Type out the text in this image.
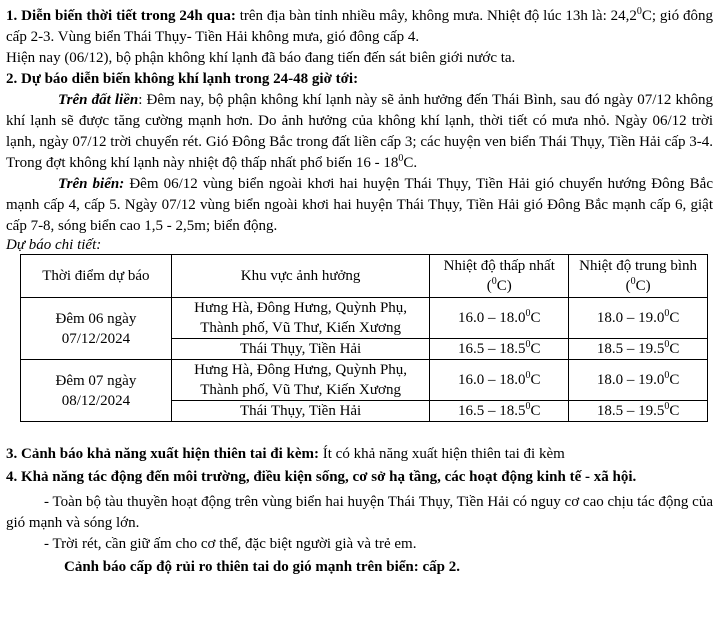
1. Diễn biến thời tiết trong 24h qua: trên địa bàn tỉnh nhiều mây, không mưa. Nhiệt độ lúc 13h là: 24,2$^0$C; gió đông cấp 2-3. Vùng biển Thái Thụy- Tiền Hải không mưa, gió đông cấp 4.

Hiện nay (06/12), bộ phận không khí lạnh đã báo đang tiến đến sát biên giới nước ta.

2. Dự báo diễn biến không khí lạnh trong 24-48 giờ tới:

Trên đất liền: Đêm nay, bộ phận không khí lạnh này sẽ ảnh hưởng đến Thái Bình, sau đó ngày 07/12 không khí lạnh sẽ được tăng cường mạnh hơn. Do ảnh hưởng của không khí lạnh, thời tiết có mưa nhỏ. Ngày 06/12 trời lạnh, ngày 07/12 trời chuyển rét. Gió Đông Bắc trong đất liền cấp 3; các huyện ven biển Thái Thụy, Tiền Hải cấp 3-4. Trong đợt không khí lạnh này nhiệt độ thấp nhất phổ biến $16 - 18^0C$.

Trên biển: Đêm 06/12 vùng biển ngoài khơi hai huyện Thái Thụy, Tiền Hải gió chuyển hướng Đông Bắc mạnh cấp 4, cấp 5. Ngày 07/12 vùng biển ngoài khơi hai huyện Thái Thụy, Tiền Hải gió Đông Bắc mạnh cấp 6, giật cấp 7-8, sóng biển cao 1,5 - 2,5m; biển động.

Dự báo chi tiết:

Thời điểm dự báo	Khu vực ảnh hưởng	Nhiệt độ thấp nhất ($^0$C)	Nhiệt độ trung bình ($^0$C)
Đêm 06 ngày 07/12/2024	Hưng Hà, Đông Hưng, Quỳnh Phụ, Thành phố, Vũ Thư, Kiến Xương	16.0 – 18.0$^0$C	18.0 – 19.0$^0$C
	Thái Thụy, Tiền Hải	16.5 – 18.5$^0$C	18.5 – 19.5$^0$C
Đêm 07 ngày 08/12/2024	Hưng Hà, Đông Hưng, Quỳnh Phụ, Thành phố, Vũ Thư, Kiến Xương	16.0 – 18.0$^0$C	18.0 – 19.0$^0$C
	Thái Thụy, Tiền Hải	16.5 – 18.5$^0$C	18.5 – 19.5$^0$C

3. Cảnh báo khả năng xuất hiện thiên tai đi kèm: Ít có khả năng xuất hiện thiên tai đi kèm

4. Khả năng tác động đến môi trường, điều kiện sống, cơ sở hạ tầng, các hoạt động kinh tế - xã hội.

- Toàn bộ tàu thuyền hoạt động trên vùng biển hai huyện Thái Thụy, Tiền Hải có nguy cơ cao chịu tác động của gió mạnh và sóng lớn.

- Trời rét, cần giữ ấm cho cơ thể, đặc biệt người già và trẻ em.

Cảnh báo cấp độ rủi ro thiên tai do gió mạnh trên biển: cấp 2.
